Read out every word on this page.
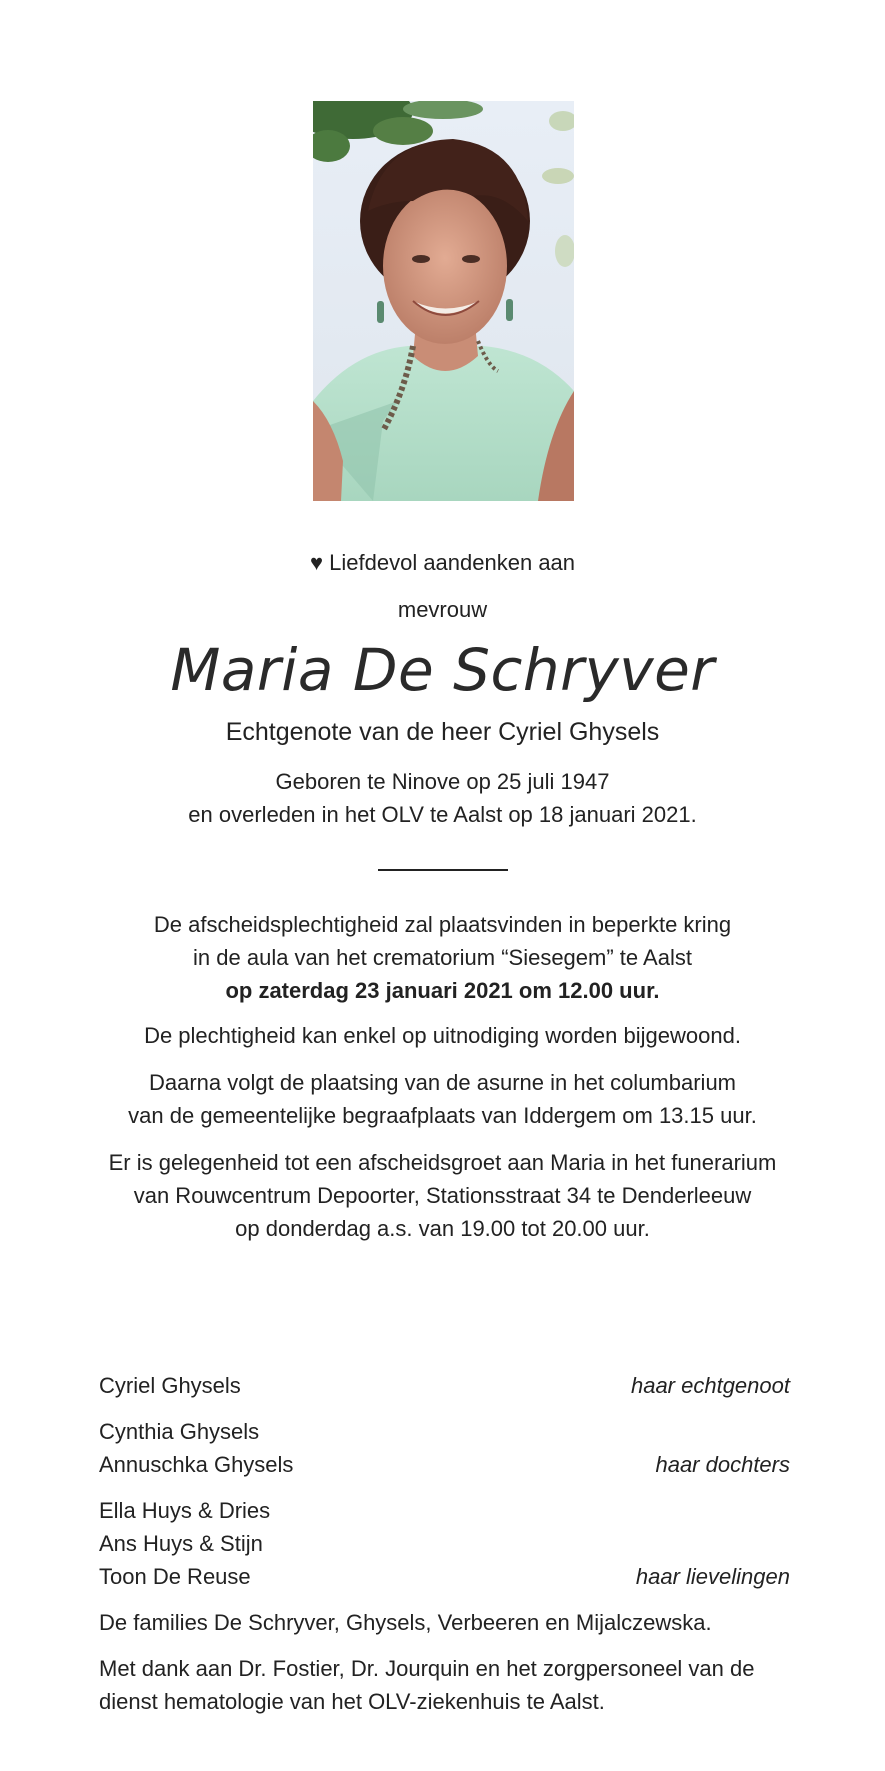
♥ Liefdevol aandenken aan
mevrouw
Maria De Schryver
Echtgenote van de heer Cyriel Ghysels
Geboren te Ninove op 25 juli 1947
en overleden in het OLV te Aalst op 18 januari 2021.
De afscheidsplechtigheid zal plaatsvinden in beperkte kring
in de aula van het crematorium “Siesegem” te Aalst
op zaterdag 23 januari 2021 om 12.00 uur.
De plechtigheid kan enkel op uitnodiging worden bijgewoond.
Daarna volgt de plaatsing van de asurne in het columbarium
van de gemeentelijke begraafplaats van Iddergem om 13.15 uur.
Er is gelegenheid tot een afscheidsgroet aan Maria in het funerarium
van Rouwcentrum Depoorter, Stationsstraat 34 te Denderleeuw
op donderdag a.s. van 19.00 tot 20.00 uur.
Cyriel Ghysels	haar echtgenoot
Cynthia Ghysels
Annuschka Ghysels	haar dochters
Ella Huys & Dries
Ans Huys & Stijn
Toon De Reuse	haar lievelingen
De families De Schryver, Ghysels, Verbeeren en Mijalczewska.
Met dank aan Dr. Fostier, Dr. Jourquin en het zorgpersoneel van de
dienst hematologie van het OLV-ziekenhuis te Aalst.
